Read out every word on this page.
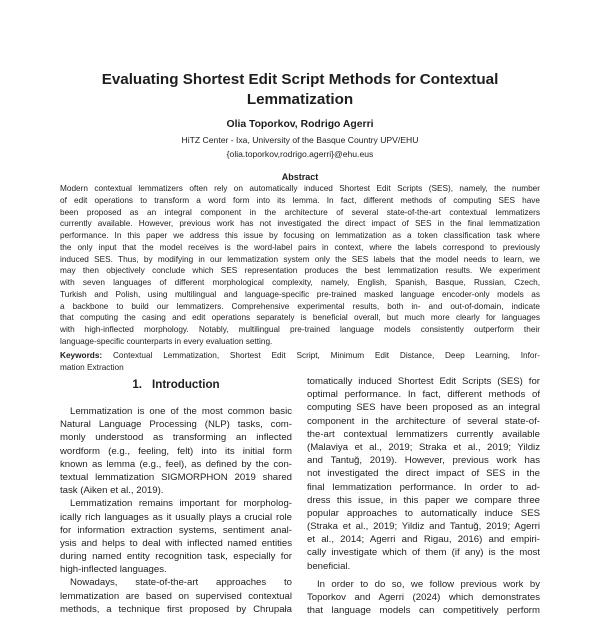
Evaluating Shortest Edit Script Methods for Contextual
Lemmatization
Olia Toporkov, Rodrigo Agerri
HiTZ Center - Ixa, University of the Basque Country UPV/EHU
{olia.toporkov,rodrigo.agerri}@ehu.eus
Abstract
Modern contextual lemmatizers often rely on automatically induced Shortest Edit Scripts (SES), namely, the number
of edit operations to transform a word form into its lemma. In fact, different methods of computing SES have
been proposed as an integral component in the architecture of several state-of-the-art contextual lemmatizers
currently available. However, previous work has not investigated the direct impact of SES in the final lemmatization
performance. In this paper we address this issue by focusing on lemmatization as a token classification task where
the only input that the model receives is the word-label pairs in context, where the labels correspond to previously
induced SES. Thus, by modifying in our lemmatization system only the SES labels that the model needs to learn, we
may then objectively conclude which SES representation produces the best lemmatization results. We experiment
with seven languages of different morphological complexity, namely, English, Spanish, Basque, Russian, Czech,
Turkish and Polish, using multilingual and language-specific pre-trained masked language encoder-only models as
a backbone to build our lemmatizers. Comprehensive experimental results, both in- and out-of-domain, indicate
that computing the casing and edit operations separately is beneficial overall, but much more clearly for languages
with high-inflected morphology. Notably, multilingual pre-trained language models consistently outperform their
language-specific counterparts in every evaluation setting.
Keywords: Contextual Lemmatization, Shortest Edit Script, Minimum Edit Distance, Deep Learning, Infor-
mation Extraction
1. Introduction
Lemmatization is one of the most common basic
Natural Language Processing (NLP) tasks, com-
monly understood as transforming an inflected
wordform (e.g., feeling, felt) into its initial form
known as lemma (e.g., feel), as defined by the con-
textual lemmatization SIGMORPHON 2019 shared
task (Aiken et al., 2019).
Lemmatization remains important for morpholog-
ically rich languages as it usually plays a crucial role
for information extraction systems, sentiment anal-
ysis and helps to deal with inflected named entities
during named entity recognition task, especially for
high-inflected languages.
Nowadays, state-of-the-art approaches to
lemmatization are based on supervised contextual
methods, a technique first proposed by Chrupała
tomatically induced Shortest Edit Scripts (SES) for
optimal performance. In fact, different methods of
computing SES have been proposed as an integral
component in the architecture of several state-of-
the-art contextual lemmatizers currently available
(Malaviya et al., 2019; Straka et al., 2019; Yildiz
and Tantuğ, 2019). However, previous work has
not investigated the direct impact of SES in the
final lemmatization performance. In order to ad-
dress this issue, in this paper we compare three
popular approaches to automatically induce SES
(Straka et al., 2019; Yildiz and Tantuğ, 2019; Agerri
et al., 2014; Agerri and Rigau, 2016) and empiri-
cally investigate which of them (if any) is the most
beneficial.
In order to do so, we follow previous work by
Toporkov and Agerri (2024) which demonstrates
that language models can competitively perform
